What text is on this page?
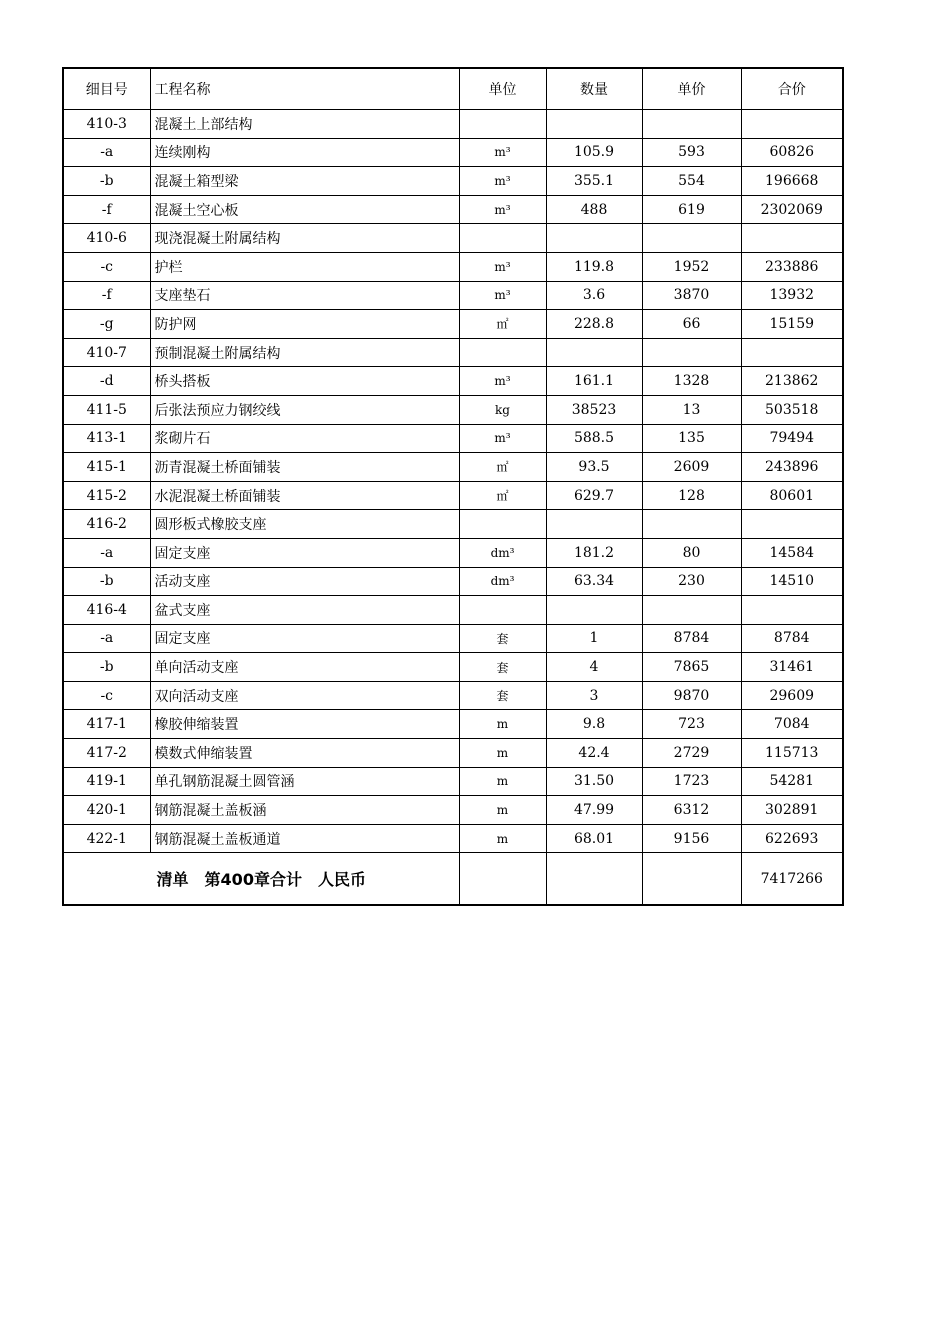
细目号	工程名称	单位	数量	单价	合价
410-3	混凝土上部结构				
-a	连续刚构	m³	105.9	593	60826
-b	混凝土箱型梁	m³	355.1	554	196668
-f	混凝土空心板	m³	488	619	2302069
410-6	现浇混凝土附属结构				
-c	护栏	m³	119.8	1952	233886
-f	支座垫石	m³	3.6	3870	13932
-g	防护网	㎡	228.8	66	15159
410-7	预制混凝土附属结构				
-d	桥头搭板	m³	161.1	1328	213862
411-5	后张法预应力钢绞线	kg	38523	13	503518
413-1	浆砌片石	m³	588.5	135	79494
415-1	沥青混凝土桥面铺装	㎡	93.5	2609	243896
415-2	水泥混凝土桥面铺装	㎡	629.7	128	80601
416-2	圆形板式橡胶支座				
-a	固定支座	dm³	181.2	80	14584
-b	活动支座	dm³	63.34	230	14510
416-4	盆式支座				
-a	固定支座	套	1	8784	8784
-b	单向活动支座	套	4	7865	31461
-c	双向活动支座	套	3	9870	29609
417-1	橡胶伸缩装置	m	9.8	723	7084
417-2	模数式伸缩装置	m	42.4	2729	115713
419-1	单孔钢筋混凝土圆管涵	m	31.50	1723	54281
420-1	钢筋混凝土盖板涵	m	47.99	6312	302891
422-1	钢筋混凝土盖板通道	m	68.01	9156	622693
清单　第400章合计　人民币					7417266
